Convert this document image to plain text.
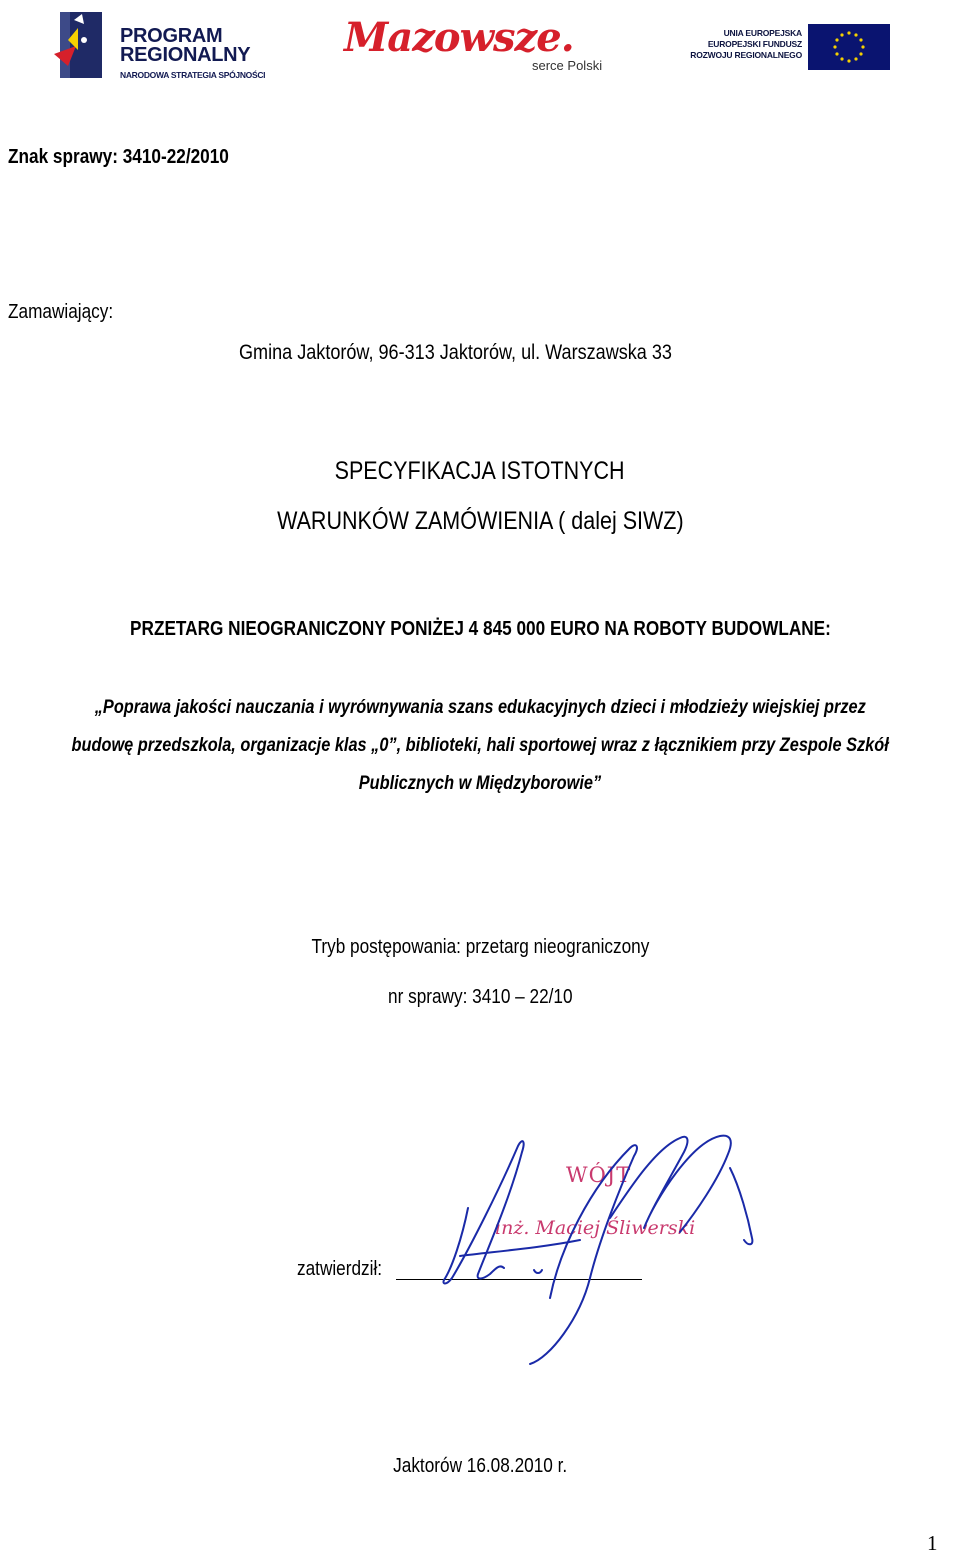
PROGRAM
REGIONALNY
NARODOWA STRATEGIA SPÓJNOŚCI
Mazowsze.
serce Polski
UNIA EUROPEJSKA
EUROPEJSKI FUNDUSZ
ROZWOJU REGIONALNEGO
Znak sprawy: 3410-22/2010
Zamawiający:
Gmina Jaktorów, 96-313 Jaktorów, ul. Warszawska 33
SPECYFIKACJA ISTOTNYCH
WARUNKÓW ZAMÓWIENIA ( dalej SIWZ)
PRZETARG NIEOGRANICZONY PONIŻEJ 4 845 000 EURO NA ROBOTY BUDOWLANE:
„Poprawa jakości nauczania i wyrównywania szans edukacyjnych dzieci i młodzieży wiejskiej przez
budowę przedszkola, organizacje klas „0”, biblioteki, hali sportowej wraz z łącznikiem przy Zespole Szkół
Publicznych w Międzyborowie”
Tryb postępowania: przetarg nieograniczony
nr sprawy: 3410 – 22/10
zatwierdził:
WÓJT
inż. Maciej Śliwerski
Jaktorów 16.08.2010 r.
1
